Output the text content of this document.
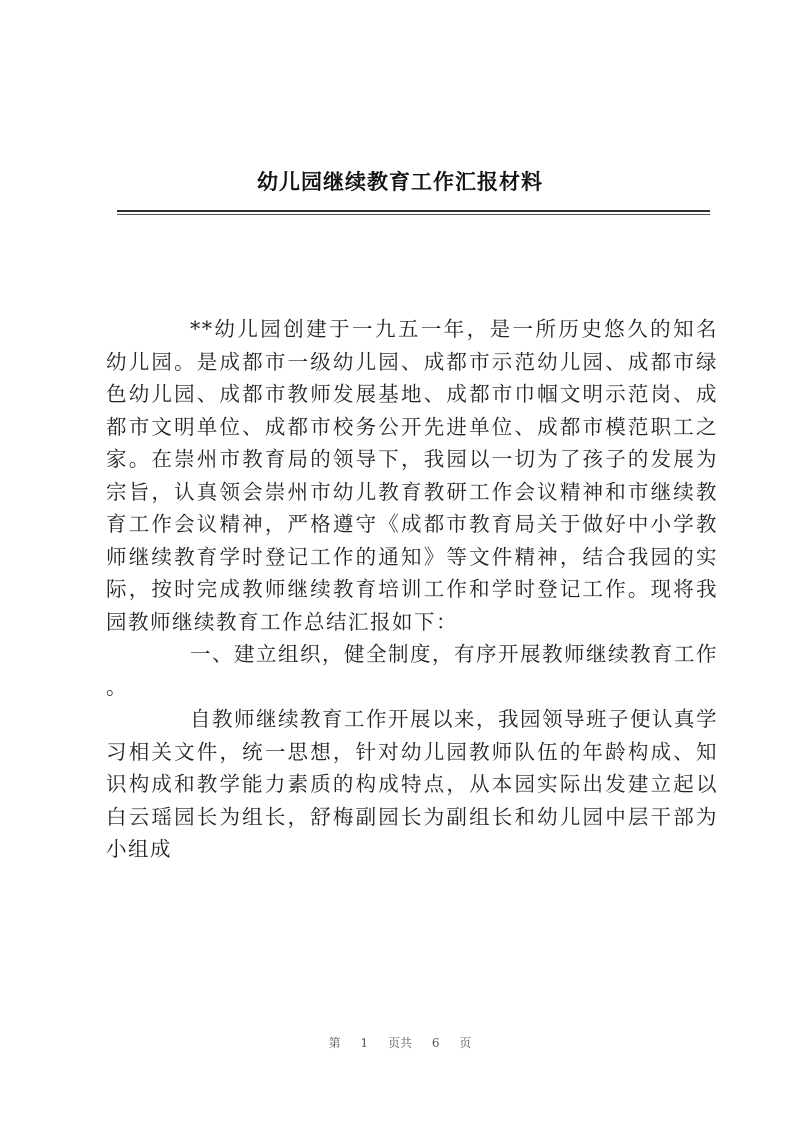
幼儿园继续教育工作汇报材料

**幼儿园创建于一九五一年，是一所历史悠久的知名幼儿园。是成都市一级幼儿园、成都市示范幼儿园、成都市绿色幼儿园、成都市教师发展基地、成都市巾帼文明示范岗、成都市文明单位、成都市校务公开先进单位、成都市模范职工之家。在崇州市教育局的领导下，我园以一切为了孩子的发展为宗旨，认真领会崇州市幼儿教育教研工作会议精神和市继续教育工作会议精神，严格遵守《成都市教育局关于做好中小学教师继续教育学时登记工作的通知》等文件精神，结合我园的实际，按时完成教师继续教育培训工作和学时登记工作。现将我园教师继续教育工作总结汇报如下：

一、建立组织，健全制度，有序开展教师继续教育工作 。

自教师继续教育工作开展以来，我园领导班子便认真学习相关文件，统一思想，针对幼儿园教师队伍的年龄构成、知识构成和教学能力素质的构成特点，从本园实际出发建立起以白云瑶园长为组长，舒梅副园长为副组长和幼儿园中层干部为小组成

第 1 页共 6 页
